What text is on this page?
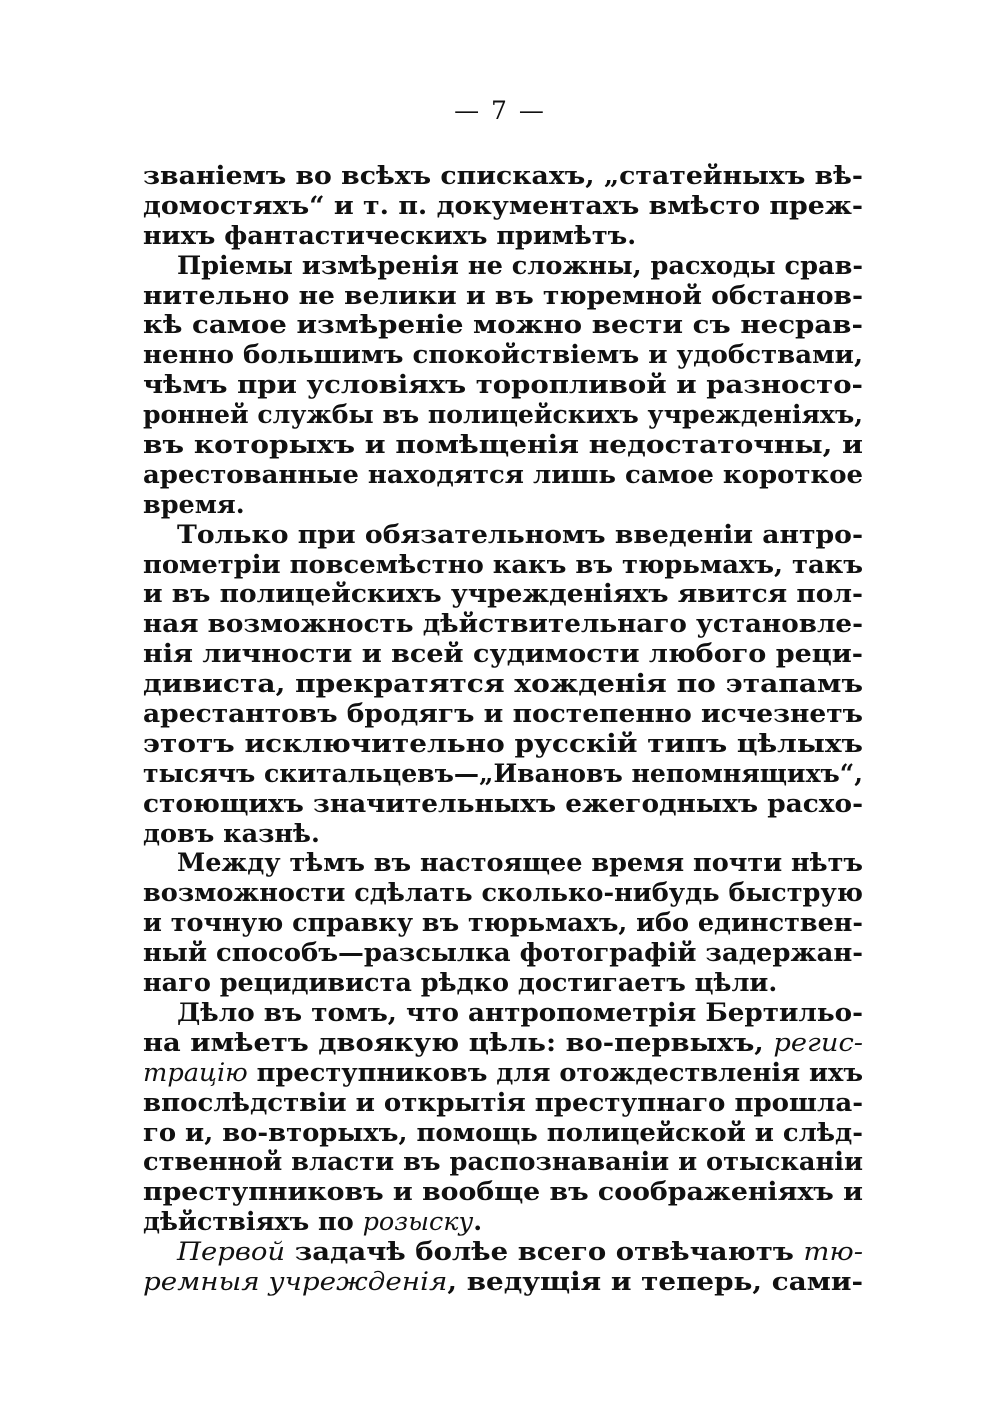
— 7 —
званіемъ во всѣхъ спискахъ, „статейныхъ вѣ-
домостяхъ“ и т. п. документахъ вмѣсто преж-
нихъ фантастическихъ примѣтъ.
Пріемы измѣренія не сложны, расходы срав-
нительно не велики и въ тюремной обстанов-
кѣ самое измѣреніе можно вести съ несрав-
ненно большимъ спокойствіемъ и удобствами,
чѣмъ при условіяхъ торопливой и разносто-
ронней службы въ полицейскихъ учрежденіяхъ,
въ которыхъ и помѣщенія недостаточны, и
арестованные находятся лишь самое короткое
время.
Только при обязательномъ введеніи антро-
пометріи повсемѣстно какъ въ тюрьмахъ, такъ
и въ полицейскихъ учрежденіяхъ явится пол-
ная возможность дѣйствительнаго установле-
нія личности и всей судимости любого реци-
дивиста, прекратятся хожденія по этапамъ
арестантовъ бродягъ и постепенно исчезнетъ
этотъ исключительно русскій типъ цѣлыхъ
тысячъ скитальцевъ—„Ивановъ непомнящихъ“,
стоющихъ значительныхъ ежегодныхъ расхо-
довъ казнѣ.
Между тѣмъ въ настоящее время почти нѣтъ
возможности сдѣлать сколько-нибудь быструю
и точную справку въ тюрьмахъ, ибо единствен-
ный способъ—разсылка фотографій задержан-
наго рецидивиста рѣдко достигаетъ цѣли.
Дѣло въ томъ, что антропометрія Бертильо-
на имѣетъ двоякую цѣль: во-первыхъ, регис-
трацію преступниковъ для отождествленія ихъ
впослѣдствіи и открытія преступнаго прошла-
го и, во-вторыхъ, помощь полицейской и слѣд-
ственной власти въ распознаваніи и отысканіи
преступниковъ и вообще въ соображеніяхъ и
дѣйствіяхъ по розыску.
Первой задачѣ болѣе всего отвѣчаютъ тю-
ремныя учрежденія, ведущія и теперь, сами-
